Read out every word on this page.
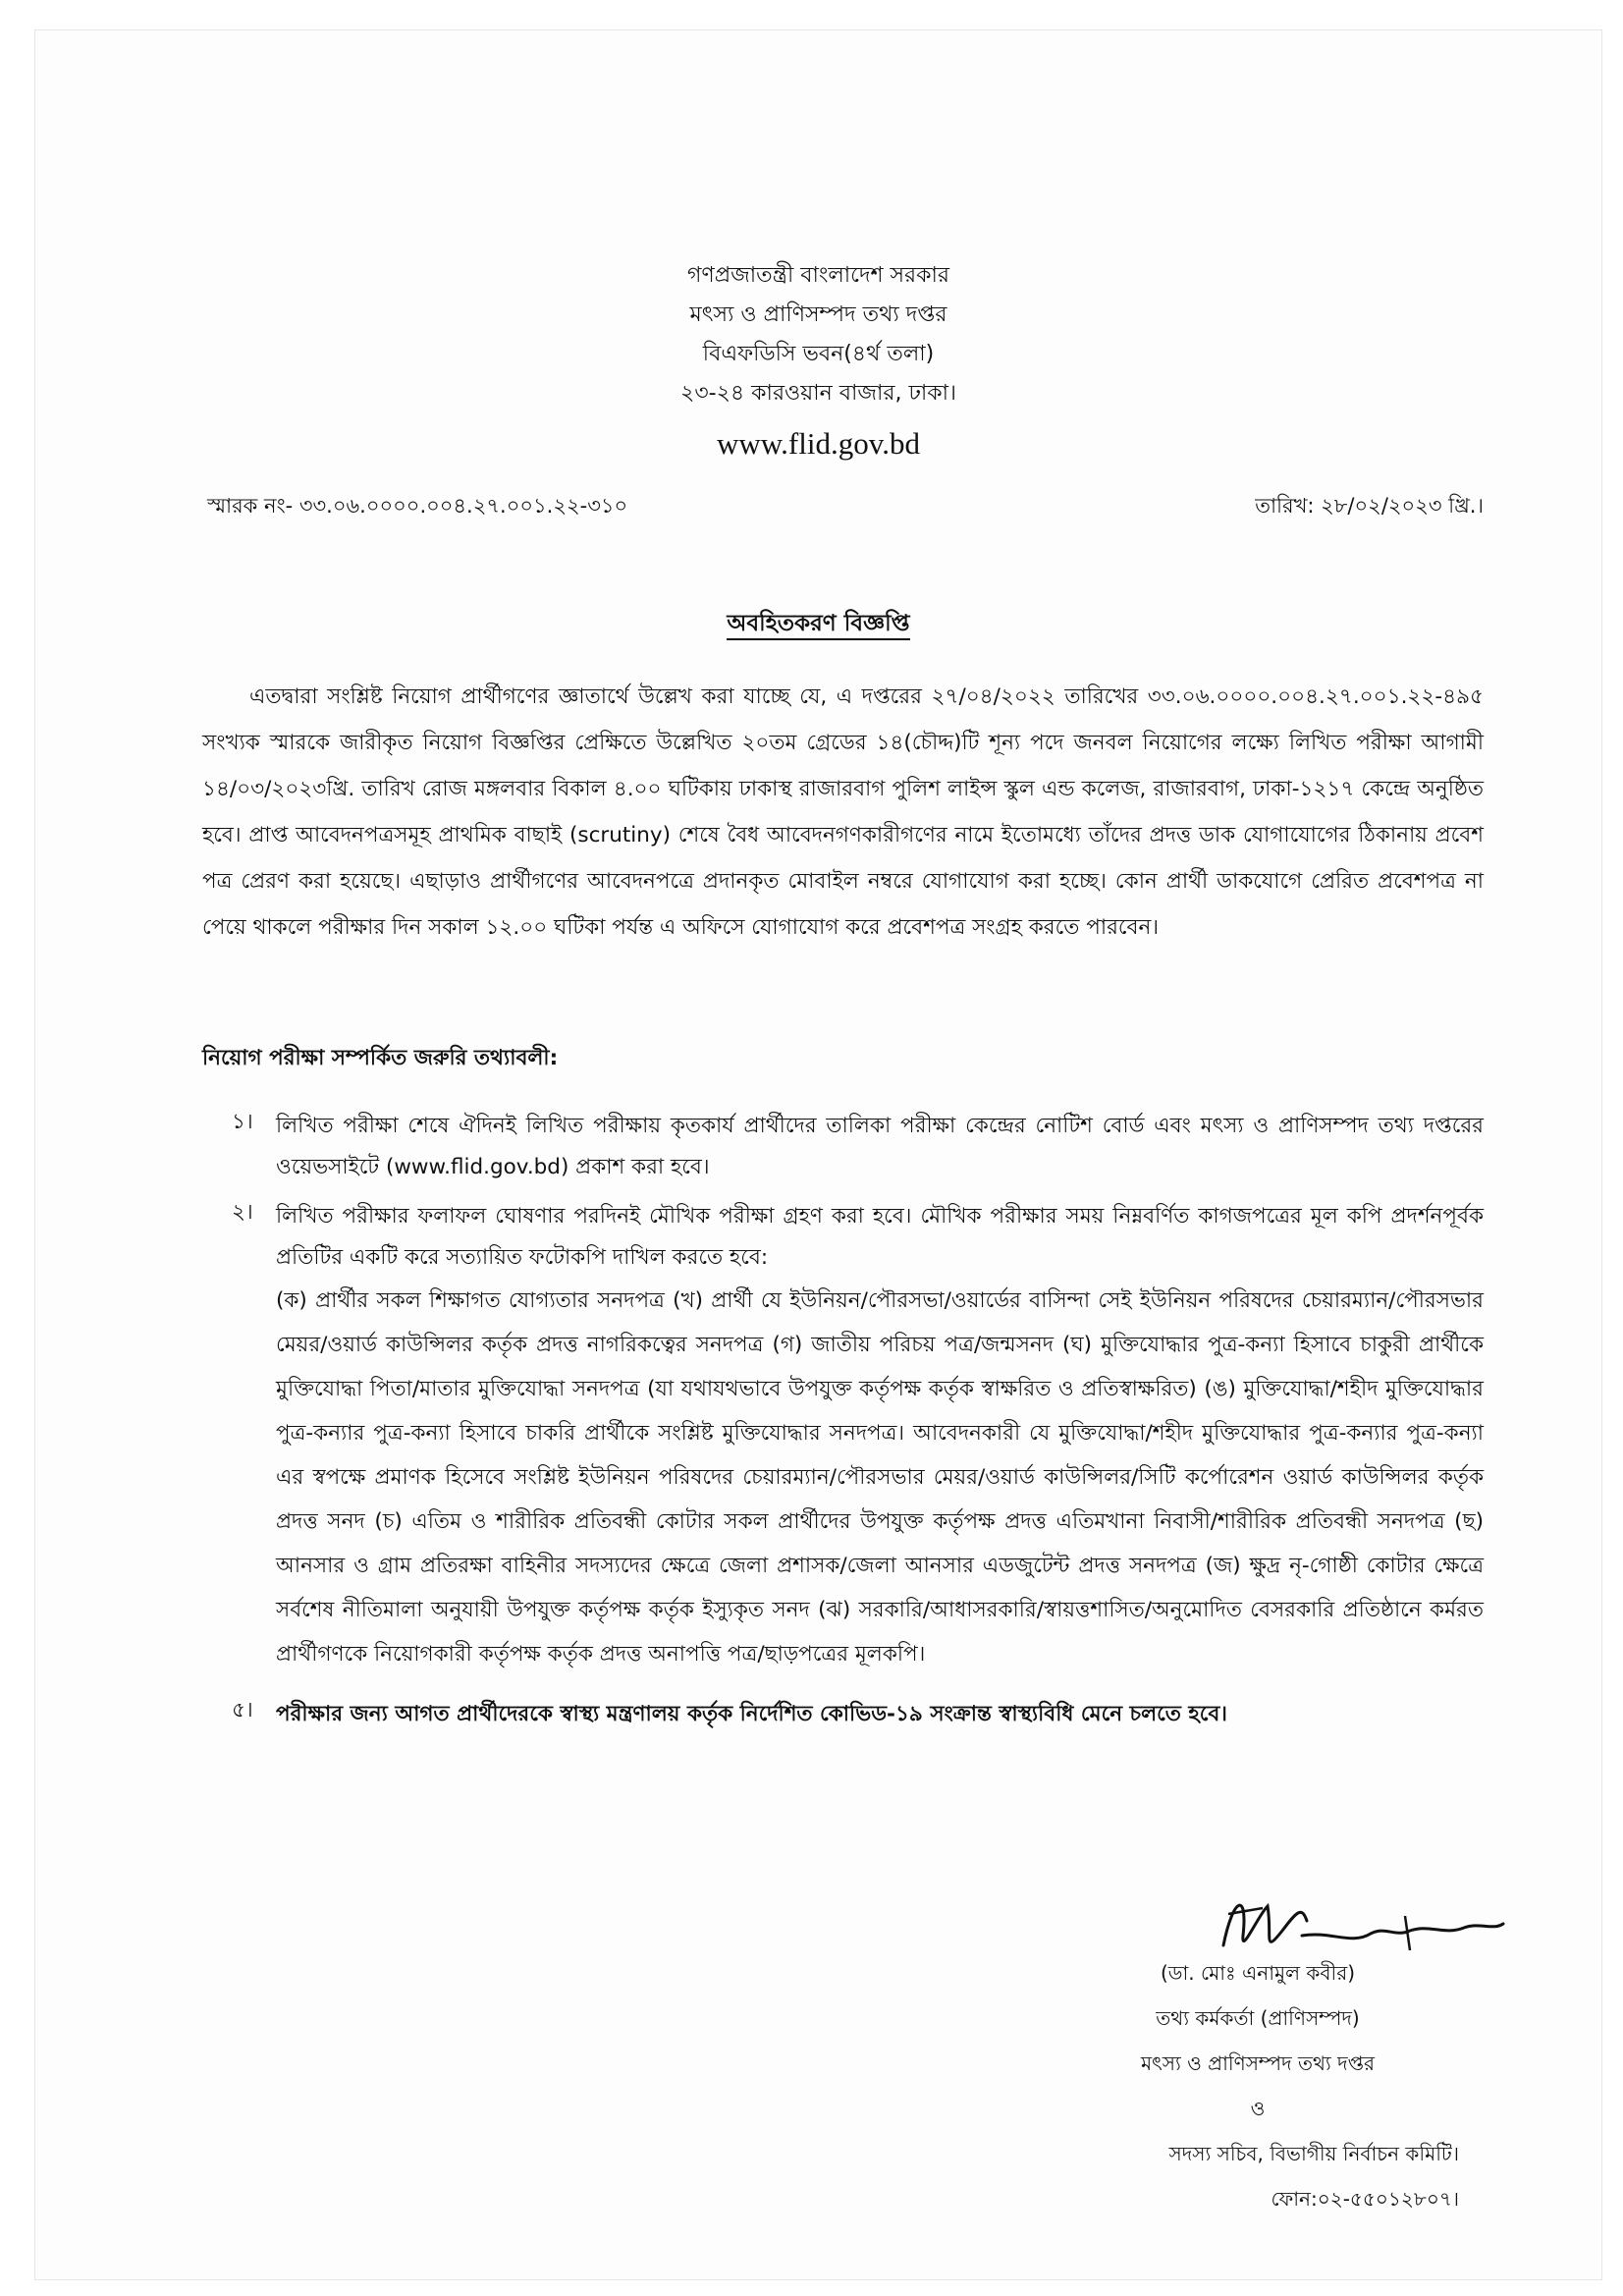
গণপ্রজাতন্ত্রী বাংলাদেশ সরকার
মৎস্য ও প্রাণিসম্পদ তথ্য দপ্তর
বিএফডিসি ভবন(৪র্থ তলা)
২৩-২৪ কারওয়ান বাজার, ঢাকা।
www.flid.gov.bd
স্মারক নং- ৩৩.০৬.০০০০.০০৪.২৭.০০১.২২-৩১০	তারিখ: ২৮/০২/২০২৩ খ্রি.।
অবহিতকরণ বিজ্ঞপ্তি
এতদ্বারা সংশ্লিষ্ট নিয়োগ প্রার্থীগণের জ্ঞাতার্থে উল্লেখ করা যাচ্ছে যে, এ দপ্তরের ২৭/০৪/২০২২ তারিখের ৩৩.০৬.০০০০.০০৪.২৭.০০১.২২-৪৯৫ সংখ্যক স্মারকে জারীকৃত নিয়োগ বিজ্ঞপ্তির প্রেক্ষিতে উল্লেখিত ২০তম গ্রেডের ১৪(চৌদ্দ)টি শূন্য পদে জনবল নিয়োগের লক্ষ্যে লিখিত পরীক্ষা আগামী ১৪/০৩/২০২৩খ্রি. তারিখ রোজ মঙ্গলবার বিকাল ৪.০০ ঘটিকায় ঢাকাস্থ রাজারবাগ পুলিশ লাইন্স স্কুল এন্ড কলেজ, রাজারবাগ, ঢাকা-১২১৭ কেন্দ্রে অনুষ্ঠিত হবে। প্রাপ্ত আবেদনপত্রসমূহ প্রাথমিক বাছাই (scrutiny) শেষে বৈধ আবেদনগণকারীগণের নামে ইতোমধ্যে তাঁদের প্রদত্ত ডাক যোগাযোগের ঠিকানায় প্রবেশ পত্র প্রেরণ করা হয়েছে। এছাড়াও প্রার্থীগণের আবেদনপত্রে প্রদানকৃত মোবাইল নম্বরে যোগাযোগ করা হচ্ছে। কোন প্রার্থী ডাকযোগে প্রেরিত প্রবেশপত্র না পেয়ে থাকলে পরীক্ষার দিন সকাল ১২.০০ ঘটিকা পর্যন্ত এ অফিসে যোগাযোগ করে প্রবেশপত্র সংগ্রহ করতে পারবেন।
নিয়োগ পরীক্ষা সম্পর্কিত জরুরি তথ্যাবলী:
১।	লিখিত পরীক্ষা শেষে ঐদিনই লিখিত পরীক্ষায় কৃতকার্য প্রার্থীদের তালিকা পরীক্ষা কেন্দ্রের নোটিশ বোর্ড এবং মৎস্য ও প্রাণিসম্পদ তথ্য দপ্তরের ওয়েভসাইটে (www.flid.gov.bd) প্রকাশ করা হবে।
২।	লিখিত পরীক্ষার ফলাফল ঘোষণার পরদিনই মৌখিক পরীক্ষা গ্রহণ করা হবে। মৌখিক পরীক্ষার সময় নিম্নবর্ণিত কাগজপত্রের মূল কপি প্রদর্শনপূর্বক প্রতিটির একটি করে সত্যায়িত ফটোকপি দাখিল করতে হবে:
(ক) প্রার্থীর সকল শিক্ষাগত যোগ্যতার সনদপত্র (খ) প্রার্থী যে ইউনিয়ন/পৌরসভা/ওয়ার্ডের বাসিন্দা সেই ইউনিয়ন পরিষদের চেয়ারম্যান/পৌরসভার মেয়র/ওয়ার্ড কাউন্সিলর কর্তৃক প্রদত্ত নাগরিকত্বের সনদপত্র (গ) জাতীয় পরিচয় পত্র/জন্মসনদ (ঘ) মুক্তিযোদ্ধার পুত্র-কন্যা হিসাবে চাকুরী প্রার্থীকে মুক্তিযোদ্ধা পিতা/মাতার মুক্তিযোদ্ধা সনদপত্র (যা যথাযথভাবে উপযুক্ত কর্তৃপক্ষ কর্তৃক স্বাক্ষরিত ও প্রতিস্বাক্ষরিত) (ঙ) মুক্তিযোদ্ধা/শহীদ মুক্তিযোদ্ধার পুত্র-কন্যার পুত্র-কন্যা হিসাবে চাকরি প্রার্থীকে সংশ্লিষ্ট মুক্তিযোদ্ধার সনদপত্র। আবেদনকারী যে মুক্তিযোদ্ধা/শহীদ মুক্তিযোদ্ধার পুত্র-কন্যার পুত্র-কন্যা এর স্বপক্ষে প্রমাণক হিসেবে সংশ্লিষ্ট ইউনিয়ন পরিষদের চেয়ারম্যান/পৌরসভার মেয়র/ওয়ার্ড কাউন্সিলর/সিটি কর্পোরেশন ওয়ার্ড কাউন্সিলর কর্তৃক প্রদত্ত সনদ (চ) এতিম ও শারীরিক প্রতিবন্ধী কোটার সকল প্রার্থীদের উপযুক্ত কর্তৃপক্ষ প্রদত্ত এতিমখানা নিবাসী/শারীরিক প্রতিবন্ধী সনদপত্র (ছ) আনসার ও গ্রাম প্রতিরক্ষা বাহিনীর সদস্যদের ক্ষেত্রে জেলা প্রশাসক/জেলা আনসার এডজুটেন্ট প্রদত্ত সনদপত্র (জ) ক্ষুদ্র নৃ-গোষ্ঠী কোটার ক্ষেত্রে সর্বশেষ নীতিমালা অনুযায়ী উপযুক্ত কর্তৃপক্ষ কর্তৃক ইস্যুকৃত সনদ (ঝ) সরকারি/আধাসরকারি/স্বায়ত্তশাসিত/অনুমোদিত বেসরকারি প্রতিষ্ঠানে কর্মরত প্রার্থীগণকে নিয়োগকারী কর্তৃপক্ষ কর্তৃক প্রদত্ত অনাপত্তি পত্র/ছাড়পত্রের মূলকপি।
৫।	পরীক্ষার জন্য আগত প্রার্থীদেরকে স্বাস্থ্য মন্ত্রণালয় কর্তৃক নির্দেশিত কোভিড-১৯ সংক্রান্ত স্বাস্থ্যবিধি মেনে চলতে হবে।
(ডা. মোঃ এনামুল কবীর)
তথ্য কর্মকর্তা (প্রাণিসম্পদ)
মৎস্য ও প্রাণিসম্পদ তথ্য দপ্তর
ও
সদস্য সচিব, বিভাগীয় নির্বাচন কমিটি।
ফোন:০২-৫৫০১২৮০৭।
